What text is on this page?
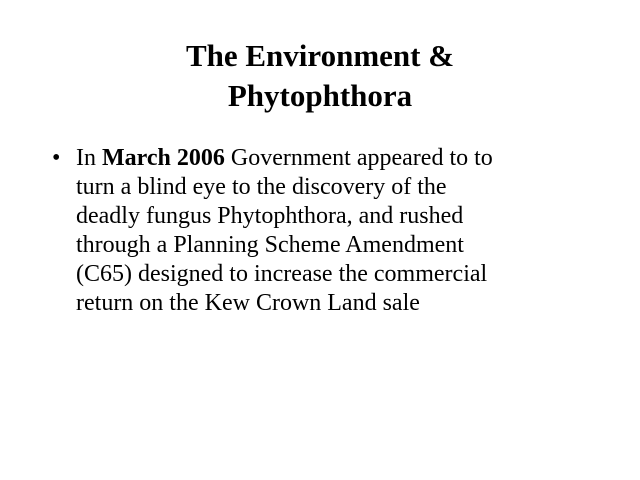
The Environment &
Phytophthora
• In March 2006 Government appeared to to
turn a blind eye to the discovery of the
deadly fungus Phytophthora, and rushed
through a Planning Scheme Amendment
(C65) designed to increase the commercial
return on the Kew Crown Land sale
